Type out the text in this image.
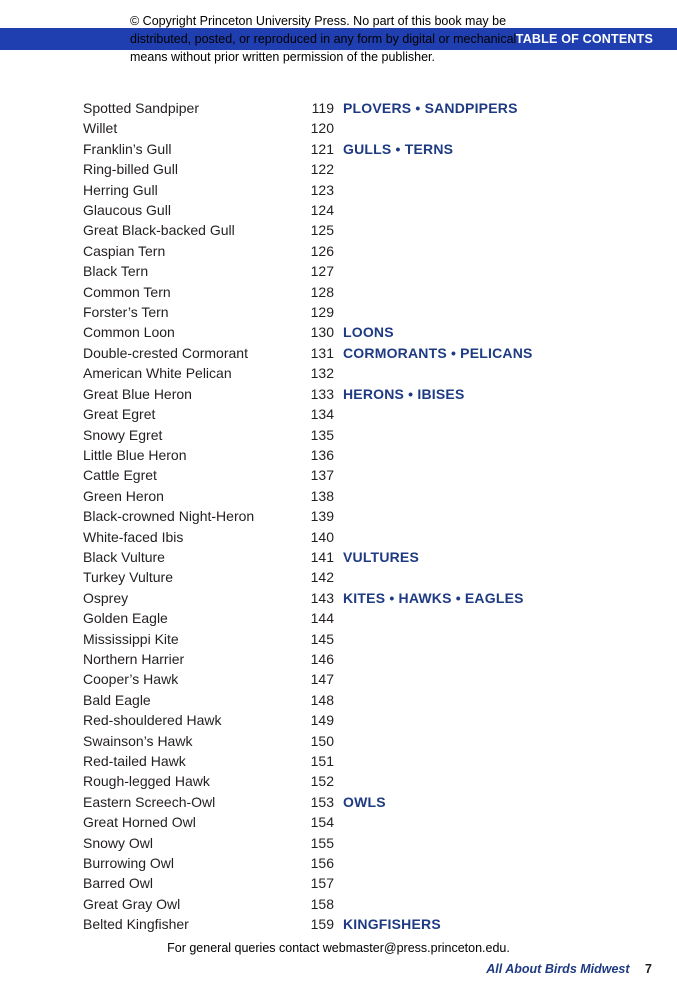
TABLE OF CONTENTS
© Copyright Princeton University Press. No part of this book may be distributed, posted, or reproduced in any form by digital or mechanical means without prior written permission of the publisher.
Spotted Sandpiper	119 PLOVERS • SANDPIPERS
Willet	120
Franklin’s Gull	121 GULLS • TERNS
Ring-billed Gull	122
Herring Gull	123
Glaucous Gull	124
Great Black-backed Gull	125
Caspian Tern	126
Black Tern	127
Common Tern	128
Forster’s Tern	129
Common Loon	130 LOONS
Double-crested Cormorant	131 CORMORANTS • PELICANS
American White Pelican	132
Great Blue Heron	133 HERONS • IBISES
Great Egret	134
Snowy Egret	135
Little Blue Heron	136
Cattle Egret	137
Green Heron	138
Black-crowned Night-Heron	139
White-faced Ibis	140
Black Vulture	141 VULTURES
Turkey Vulture	142
Osprey	143 KITES • HAWKS • EAGLES
Golden Eagle	144
Mississippi Kite	145
Northern Harrier	146
Cooper’s Hawk	147
Bald Eagle	148
Red-shouldered Hawk	149
Swainson’s Hawk	150
Red-tailed Hawk	151
Rough-legged Hawk	152
Eastern Screech-Owl	153 OWLS
Great Horned Owl	154
Snowy Owl	155
Burrowing Owl	156
Barred Owl	157
Great Gray Owl	158
Belted Kingfisher	159 KINGFISHERS
For general queries contact webmaster@press.princeton.edu.
All About Birds Midwest 7
